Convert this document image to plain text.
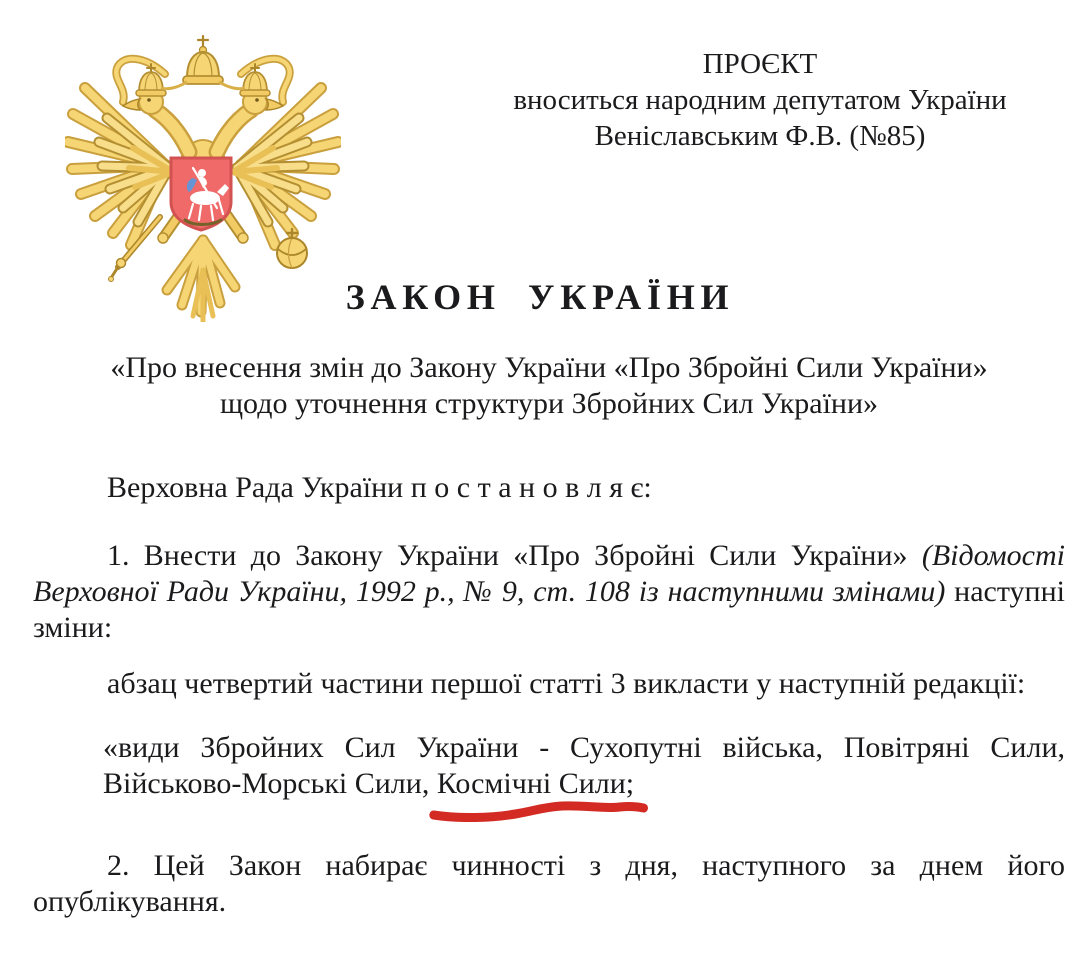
ПРОЄКТ
вноситься народним депутатом України
Веніславським Ф.В. (№85)
ЗАКОН УКРАЇНИ
«Про внесення змін до Закону України «Про Збройні Сили України»
щодо уточнення структури Збройних Сил України»
Верховна Рада України п о с т а н о в л я є:
1. Внести до Закону України «Про Збройні Сили України» (Відомості
Верховної Ради України, 1992 р., № 9, ст. 108 із наступними змінами) наступні
зміни:
абзац четвертий частини першої статті 3 викласти у наступній редакції:
«види Збройних Сил України - Сухопутні війська, Повітряні Сили,
Військово-Морські Сили, Космічні Сили;
2. Цей Закон набирає чинності з дня, наступного за днем його
опублікування.
